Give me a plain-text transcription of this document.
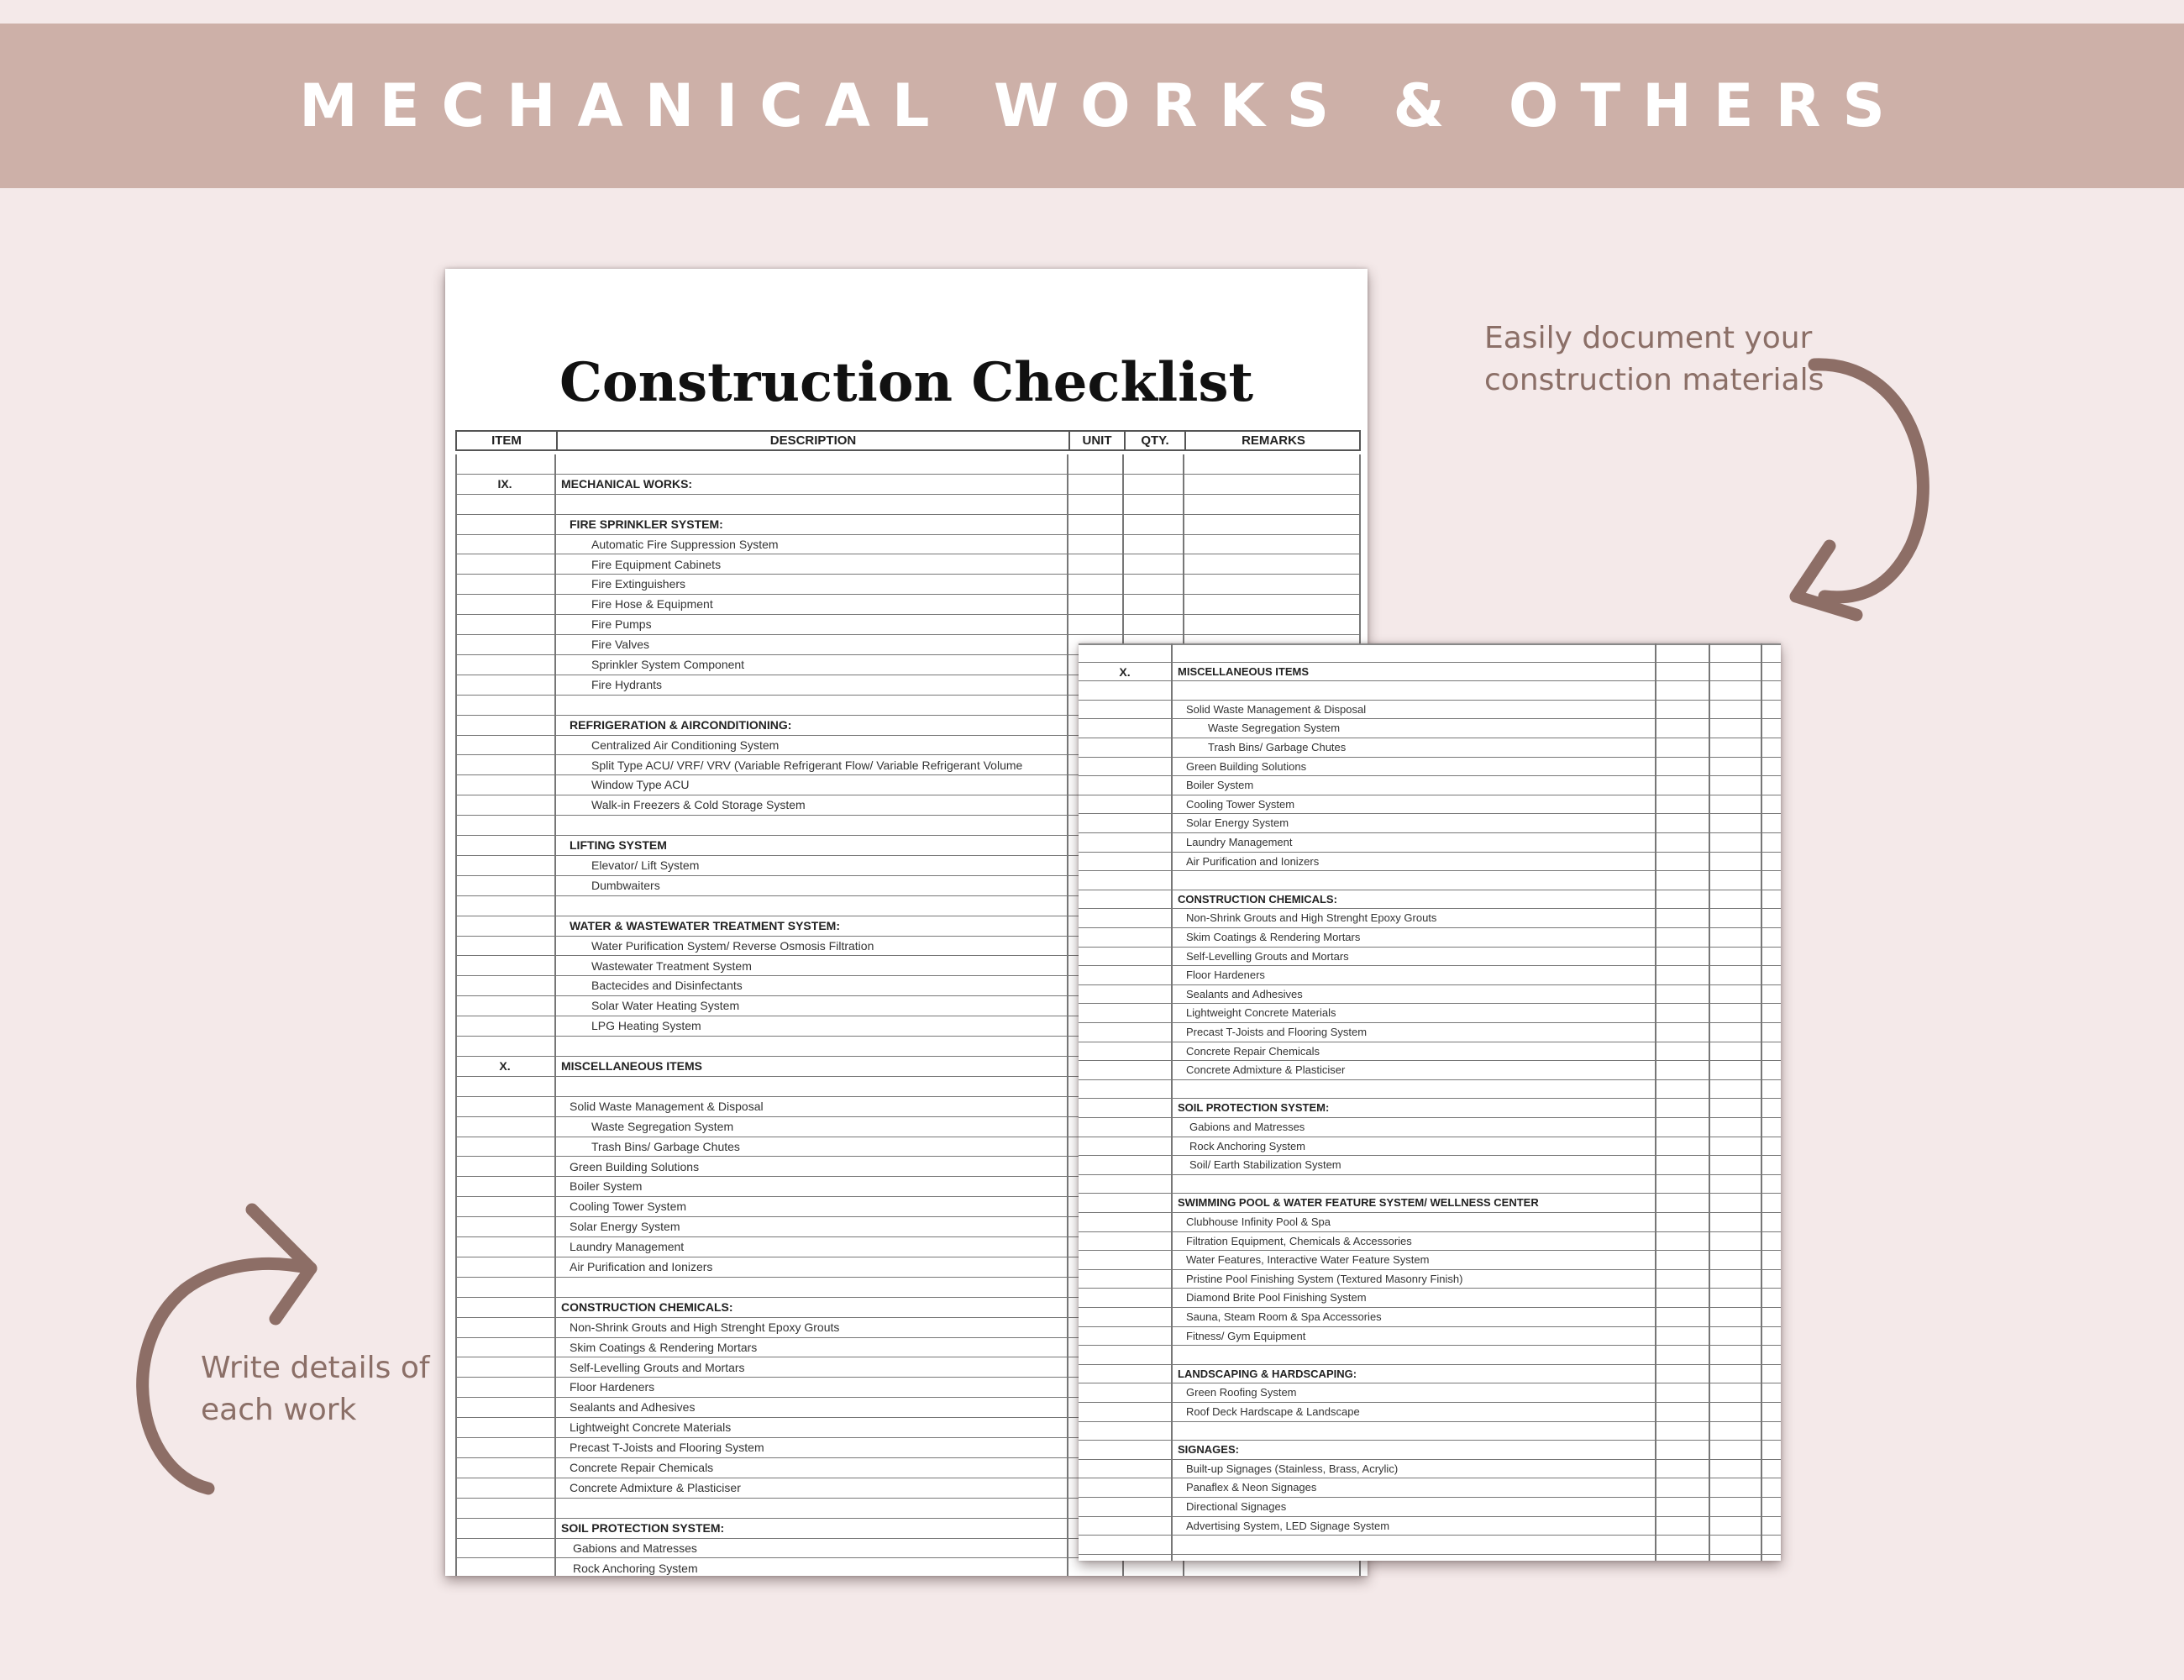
MECHANICAL WORKS & OTHERS
Easily document your
construction materials
Write details of
each work
Construction Checklist
ITEM	DESCRIPTION	UNIT	QTY.	REMARKS
IX.	MECHANICAL WORKS:
FIRE SPRINKLER SYSTEM:
Automatic Fire Suppression System
Fire Equipment Cabinets
Fire Extinguishers
Fire Hose & Equipment
Fire Pumps
Fire Valves
Sprinkler System Component
Fire Hydrants
REFRIGERATION & AIRCONDITIONING:
Centralized Air Conditioning System
Split Type ACU/ VRF/ VRV (Variable Refrigerant Flow/ Variable Refrigerant Volume
Window Type ACU
Walk-in Freezers & Cold Storage System
LIFTING SYSTEM
Elevator/ Lift System
Dumbwaiters
WATER & WASTEWATER TREATMENT SYSTEM:
Water Purification System/ Reverse Osmosis Filtration
Wastewater Treatment System
Bactecides and Disinfectants
Solar Water Heating System
LPG Heating System
X.	MISCELLANEOUS ITEMS
Solid Waste Management & Disposal
Waste Segregation System
Trash Bins/ Garbage Chutes
Green Building Solutions
Boiler System
Cooling Tower System
Solar Energy System
Laundry Management
Air Purification and Ionizers
CONSTRUCTION CHEMICALS:
Non-Shrink Grouts and High Strenght Epoxy Grouts
Skim Coatings & Rendering Mortars
Self-Levelling Grouts and Mortars
Floor Hardeners
Sealants and Adhesives
Lightweight Concrete Materials
Precast T-Joists and Flooring System
Concrete Repair Chemicals
Concrete Admixture & Plasticiser
SOIL PROTECTION SYSTEM:
Gabions and Matresses
Rock Anchoring System
X.	MISCELLANEOUS ITEMS
Solid Waste Management & Disposal
Waste Segregation System
Trash Bins/ Garbage Chutes
Green Building Solutions
Boiler System
Cooling Tower System
Solar Energy System
Laundry Management
Air Purification and Ionizers
CONSTRUCTION CHEMICALS:
Non-Shrink Grouts and High Strenght Epoxy Grouts
Skim Coatings & Rendering Mortars
Self-Levelling Grouts and Mortars
Floor Hardeners
Sealants and Adhesives
Lightweight Concrete Materials
Precast T-Joists and Flooring System
Concrete Repair Chemicals
Concrete Admixture & Plasticiser
SOIL PROTECTION SYSTEM:
Gabions and Matresses
Rock Anchoring System
Soil/ Earth Stabilization System
SWIMMING POOL & WATER FEATURE SYSTEM/ WELLNESS CENTER
Clubhouse Infinity Pool & Spa
Filtration Equipment, Chemicals & Accessories
Water Features, Interactive Water Feature System
Pristine Pool Finishing System (Textured Masonry Finish)
Diamond Brite Pool Finishing System
Sauna, Steam Room & Spa Accessories
Fitness/ Gym Equipment
LANDSCAPING & HARDSCAPING:
Green Roofing System
Roof Deck Hardscape & Landscape
SIGNAGES:
Built-up Signages (Stainless, Brass, Acrylic)
Panaflex & Neon Signages
Directional Signages
Advertising System, LED Signage System
